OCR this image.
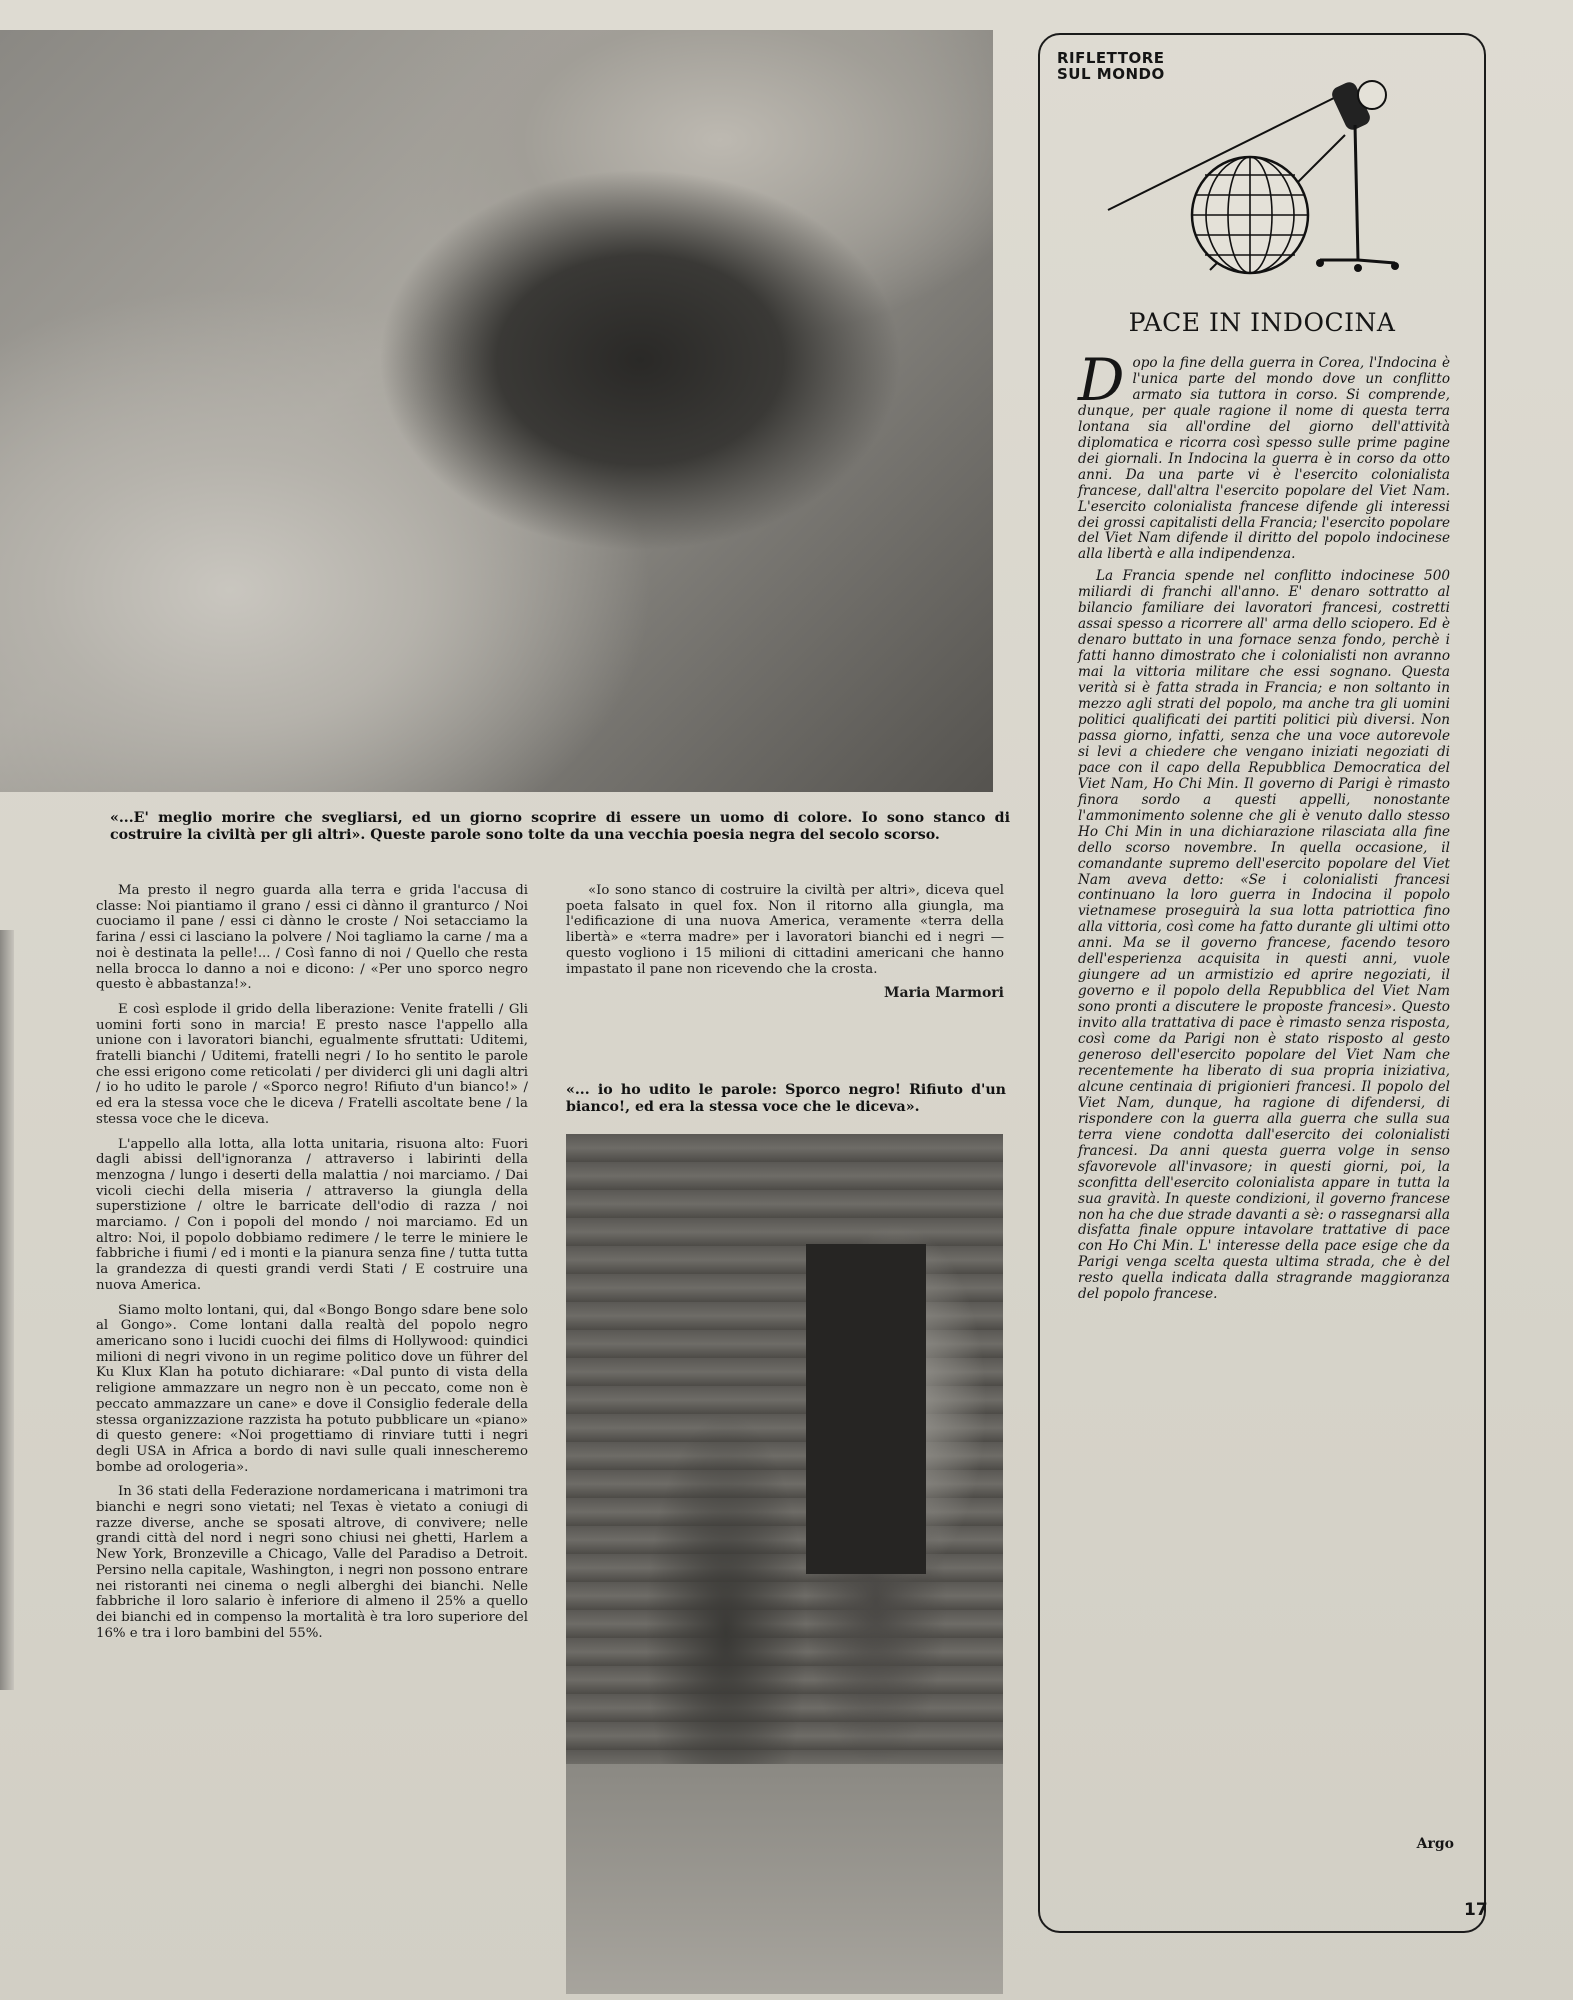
«...E' meglio morire che svegliarsi, ed un giorno scoprire di essere un uomo di colore. Io sono stanco di costruire la civiltà per gli altri». Queste parole sono tolte da una vecchia poesia negra del secolo scorso.

Ma presto il negro guarda alla terra e grida l'accusa di classe: Noi piantiamo il grano / essi ci dànno il granturco / Noi cuociamo il pane / essi ci dànno le croste / Noi setacciamo la farina / essi ci lasciano la polvere / Noi tagliamo la carne / ma a noi è destinata la pelle!... / Così fanno di noi / Quello che resta nella brocca lo danno a noi e dicono: / «Per uno sporco negro questo è abbastanza!».

E così esplode il grido della liberazione: Venite fratelli / Gli uomini forti sono in marcia! E presto nasce l'appello alla unione con i lavoratori bianchi, egualmente sfruttati: Uditemi, fratelli bianchi / Uditemi, fratelli negri / Io ho sentito le parole che essi erigono come reticolati / per dividerci gli uni dagli altri / io ho udito le parole / «Sporco negro! Rifiuto d'un bianco!» / ed era la stessa voce che le diceva / Fratelli ascoltate bene / la stessa voce che le diceva.

L'appello alla lotta, alla lotta unitaria, risuona alto: Fuori dagli abissi dell'ignoranza / attraverso i labirinti della menzogna / lungo i deserti della malattia / noi marciamo. / Dai vicoli ciechi della miseria / attraverso la giungla della superstizione / oltre le barricate dell'odio di razza / noi marciamo. / Con i popoli del mondo / noi marciamo. Ed un altro: Noi, il popolo dobbiamo redimere / le terre le miniere le fabbriche i fiumi / ed i monti e la pianura senza fine / tutta tutta la grandezza di questi grandi verdi Stati / E costruire una nuova America.

Siamo molto lontani, qui, dal «Bongo Bongo sdare bene solo al Gongo». Come lontani dalla realtà del popolo negro americano sono i lucidi cuochi dei films di Hollywood: quindici milioni di negri vivono in un regime politico dove un führer del Ku Klux Klan ha potuto dichiarare: «Dal punto di vista della religione ammazzare un negro non è un peccato, come non è peccato ammazzare un cane» e dove il Consiglio federale della stessa organizzazione razzista ha potuto pubblicare un «piano» di questo genere: «Noi progettiamo di rinviare tutti i negri degli USA in Africa a bordo di navi sulle quali innescheremo bombe ad orologeria».

In 36 stati della Federazione nordamericana i matrimoni tra bianchi e negri sono vietati; nel Texas è vietato a coniugi di razze diverse, anche se sposati altrove, di convivere; nelle grandi città del nord i negri sono chiusi nei ghetti, Harlem a New York, Bronzeville a Chicago, Valle del Paradiso a Detroit. Persino nella capitale, Washington, i negri non possono entrare nei ristoranti nei cinema o negli alberghi dei bianchi. Nelle fabbriche il loro salario è inferiore di almeno il 25% a quello dei bianchi ed in compenso la mortalità è tra loro superiore del 16% e tra i loro bambini del 55%.

«Io sono stanco di costruire la civiltà per altri», diceva quel poeta falsato in quel fox. Non il ritorno alla giungla, ma l'edificazione di una nuova America, veramente «terra della libertà» e «terra madre» per i lavoratori bianchi ed i negri — questo vogliono i 15 milioni di cittadini americani che hanno impastato il pane non ricevendo che la crosta.

Maria Marmori
«... io ho udito le parole: Sporco negro! Rifiuto d'un bianco!, ed era la stessa voce che le diceva».
RIFLETTORE
SUL MONDO
PACE IN INDOCINA

Dopo la fine della guerra in Corea, l'Indocina è l'unica parte del mondo dove un conflitto armato sia tuttora in corso. Si comprende, dunque, per quale ragione il nome di questa terra lontana sia all'ordine del giorno dell'attività diplomatica e ricorra così spesso sulle prime pagine dei giornali. In Indocina la guerra è in corso da otto anni. Da una parte vi è l'esercito colonialista francese, dall'altra l'esercito popolare del Viet Nam. L'esercito colonialista francese difende gli interessi dei grossi capitalisti della Francia; l'esercito popolare del Viet Nam difende il diritto del popolo indocinese alla libertà e alla indipendenza.

La Francia spende nel conflitto indocinese 500 miliardi di franchi all'anno. E' denaro sottratto al bilancio familiare dei lavoratori francesi, costretti assai spesso a ricorrere all' arma dello sciopero. Ed è denaro buttato in una fornace senza fondo, perchè i fatti hanno dimostrato che i colonialisti non avranno mai la vittoria militare che essi sognano. Questa verità si è fatta strada in Francia; e non soltanto in mezzo agli strati del popolo, ma anche tra gli uomini politici qualificati dei partiti politici più diversi. Non passa giorno, infatti, senza che una voce autorevole si levi a chiedere che vengano iniziati negoziati di pace con il capo della Repubblica Democratica del Viet Nam, Ho Chi Min. Il governo di Parigi è rimasto finora sordo a questi appelli, nonostante l'ammonimento solenne che gli è venuto dallo stesso Ho Chi Min in una dichiarazione rilasciata alla fine dello scorso novembre. In quella occasione, il comandante supremo dell'esercito popolare del Viet Nam aveva detto: «Se i colonialisti francesi continuano la loro guerra in Indocina il popolo vietnamese proseguirà la sua lotta patriottica fino alla vittoria, così come ha fatto durante gli ultimi otto anni. Ma se il governo francese, facendo tesoro dell'esperienza acquisita in questi anni, vuole giungere ad un armistizio ed aprire negoziati, il governo e il popolo della Repubblica del Viet Nam sono pronti a discutere le proposte francesi». Questo invito alla trattativa di pace è rimasto senza risposta, così come da Parigi non è stato risposto al gesto generoso dell'esercito popolare del Viet Nam che recentemente ha liberato di sua propria iniziativa, alcune centinaia di prigionieri francesi. Il popolo del Viet Nam, dunque, ha ragione di difendersi, di rispondere con la guerra alla guerra che sulla sua terra viene condotta dall'esercito dei colonialisti francesi. Da anni questa guerra volge in senso sfavorevole all'invasore; in questi giorni, poi, la sconfitta dell'esercito colonialista appare in tutta la sua gravità. In queste condizioni, il governo francese non ha che due strade davanti a sè: o rassegnarsi alla disfatta finale oppure intavolare trattative di pace con Ho Chi Min. L' interesse della pace esige che da Parigi venga scelta questa ultima strada, che è del resto quella indicata dalla stragrande maggioranza del popolo francese.

Argo
17
